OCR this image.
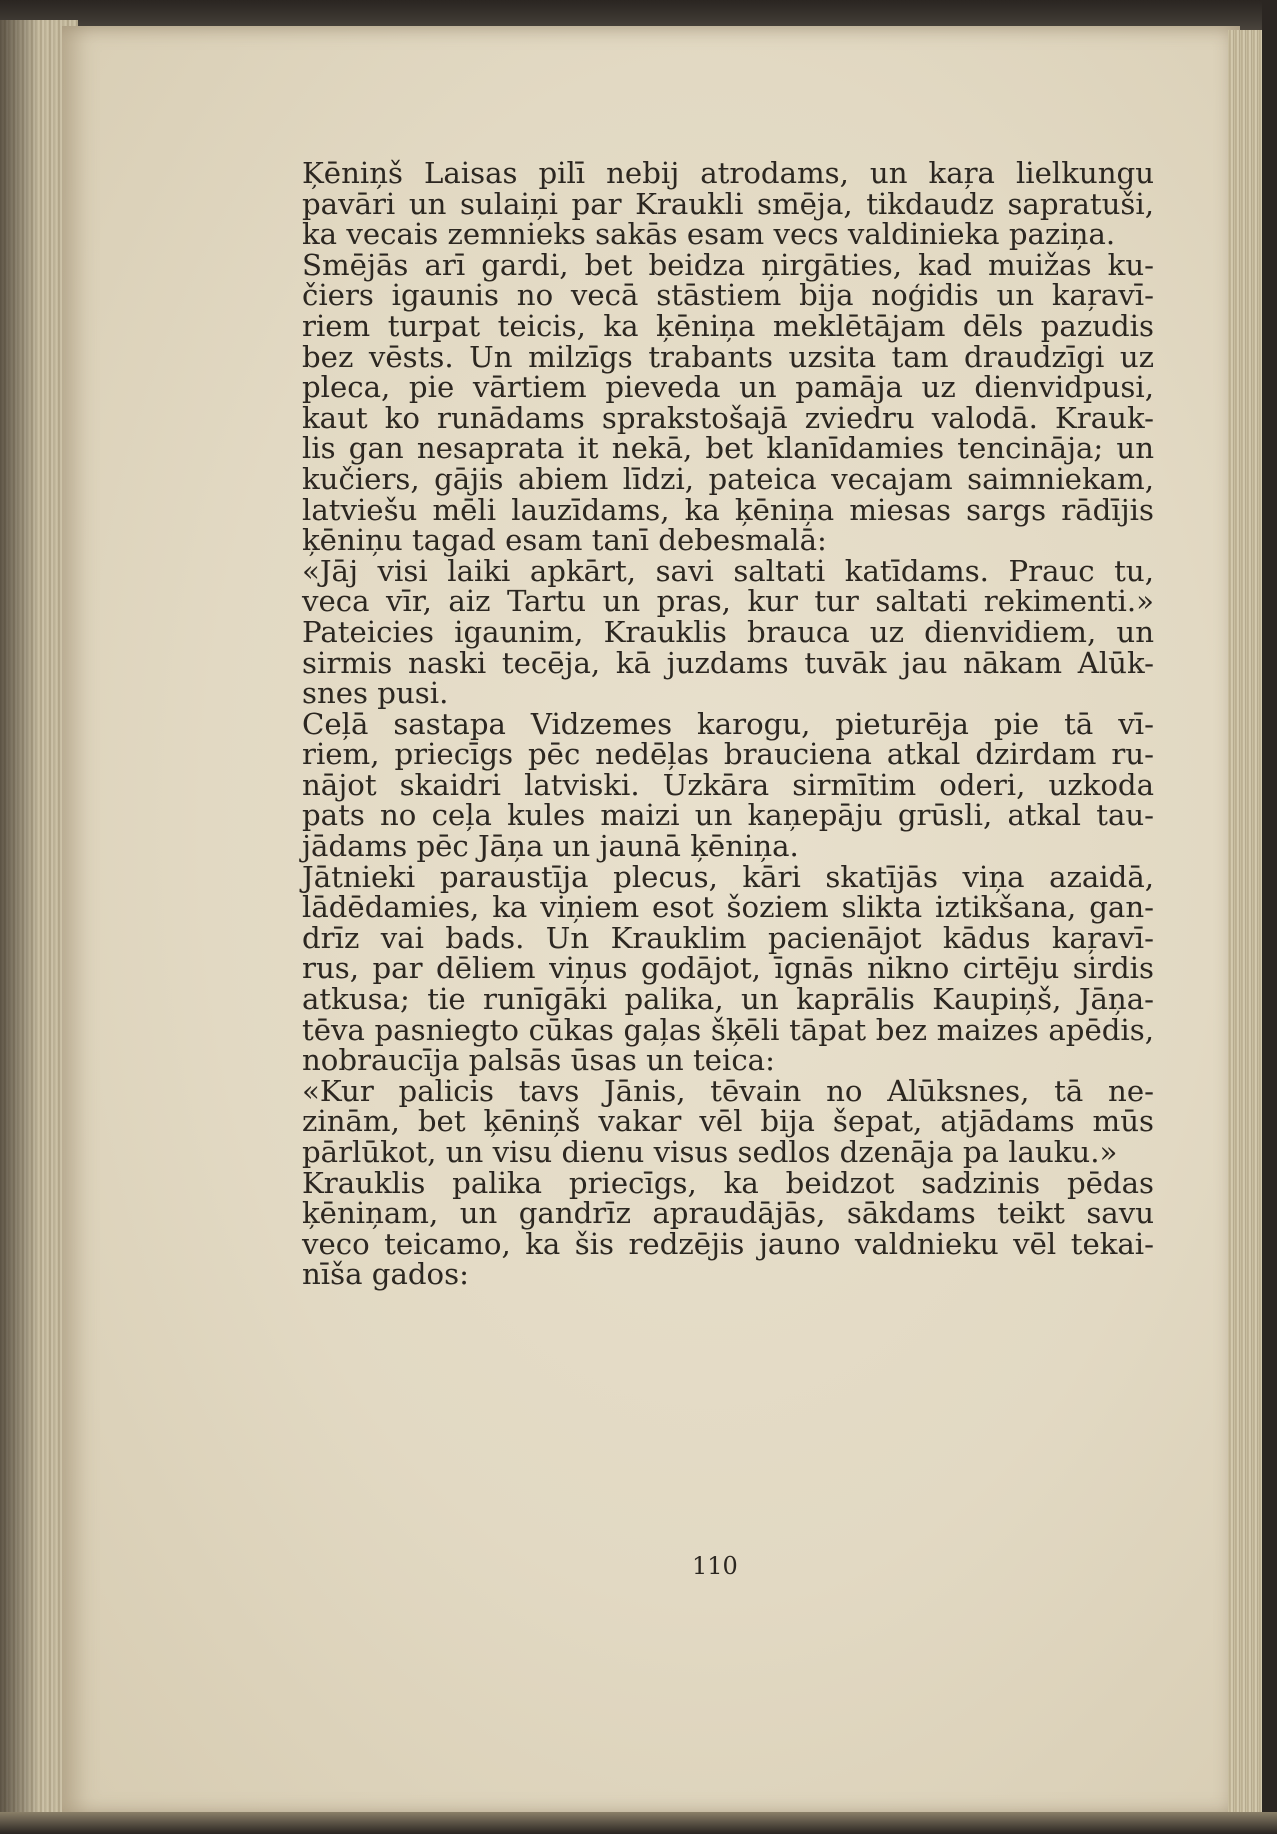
Ķēniņš Laisas pilī nebij atrodams, un kaŗa lielkungu
pavāri un sulaiņi par Kraukli smēja, tikdaudz sapratuši,
ka vecais zemnieks sakās esam vecs valdinieka paziņa.
Smējās arī gardi, bet beidza ņirgāties, kad muižas ku-
čiers igaunis no vecā stāstiem bija noģidis un kaŗavī-
riem turpat teicis, ka ķēniņa meklētājam dēls pazudis
bez vēsts. Un milzīgs trabants uzsita tam draudzīgi uz
pleca, pie vārtiem pieveda un pamāja uz dienvidpusi,
kaut ko runādams sprakstošajā zviedru valodā. Krauk-
lis gan nesaprata it nekā, bet klanīdamies tencināja; un
kučiers, gājis abiem līdzi, pateica vecajam saimniekam,
latviešu mēli lauzīdams, ka ķēniņa miesas sargs rādījis
ķēniņu tagad esam tanī debesmalā:
«Jāj visi laiki apkārt, savi saltati katīdams. Prauc tu,
veca vīr, aiz Tartu un pras, kur tur saltati rekimenti.»
Pateicies igaunim, Krauklis brauca uz dienvidiem, un
sirmis naski tecēja, kā juzdams tuvāk jau nākam Alūk-
snes pusi.
Ceļā sastapa Vidzemes karogu, pieturēja pie tā vī-
riem, priecīgs pēc nedēļas brauciena atkal dzirdam ru-
nājot skaidri latviski. Uzkāra sirmītim oderi, uzkoda
pats no ceļa kules maizi un kaņepāju grūsli, atkal tau-
jādams pēc Jāņa un jaunā ķēniņa.
Jātnieki paraustīja plecus, kāri skatījās viņa azaidā,
lādēdamies, ka viņiem esot šoziem slikta iztikšana, gan-
drīz vai bads. Un Krauklim pacienājot kādus kaŗavī-
rus, par dēliem viņus godājot, īgnās nikno cirtēju sirdis
atkusa; tie runīgāki palika, un kaprālis Kaupiņš, Jāņa-
tēva pasniegto cūkas gaļas šķēli tāpat bez maizes apēdis,
nobraucīja palsās ūsas un teica:
«Kur palicis tavs Jānis, tēvain no Alūksnes, tā ne-
zinām, bet ķēniņš vakar vēl bija šepat, atjādams mūs
pārlūkot, un visu dienu visus sedlos dzenāja pa lauku.»
Krauklis palika priecīgs, ka beidzot sadzinis pēdas
ķēniņam, un gandrīz apraudājās, sākdams teikt savu
veco teicamo, ka šis redzējis jauno valdnieku vēl tekai-
nīša gados:
110
